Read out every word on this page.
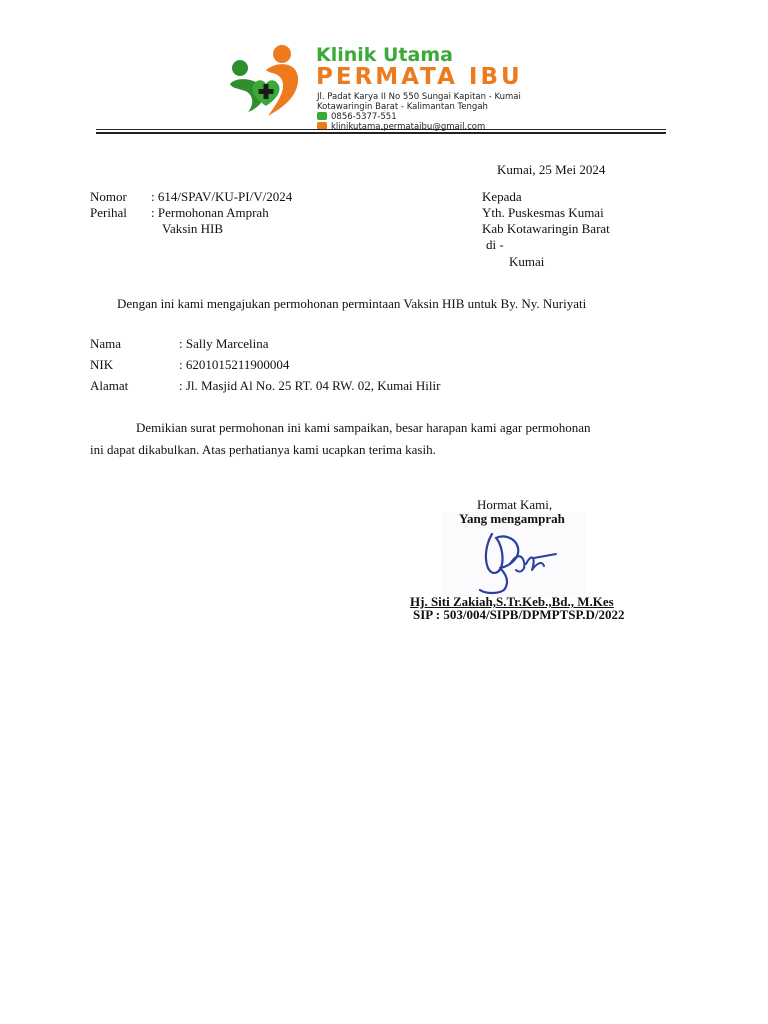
Klinik Utama
PERMATA IBU
Jl. Padat Karya II No 550 Sungai Kapitan - Kumai
Kotawaringin Barat - Kalimantan Tengah
0856-5377-551
klinikutama.permataibu@gmail.com
Kumai, 25 Mei 2024
Nomor : 614/SPAV/KU-PI/V/2024
Perihal : Permohonan Amprah
Vaksin HIB
Kepada
Yth. Puskesmas Kumai
Kab Kotawaringin Barat
di -
Kumai
Dengan ini kami mengajukan permohonan permintaan Vaksin HIB untuk By. Ny. Nuriyati
Nama	: Sally Marcelina
NIK	: 6201015211900004
Alamat	: Jl. Masjid Al No. 25 RT. 04 RW. 02, Kumai Hilir
Demikian surat permohonan ini kami sampaikan, besar harapan kami agar permohonan
ini dapat dikabulkan. Atas perhatianya kami ucapkan terima kasih.
Hormat Kami,
Yang mengamprah
Hj. Siti Zakiah,S.Tr.Keb.,Bd., M.Kes
SIP : 503/004/SIPB/DPMPTSP.D/2022
